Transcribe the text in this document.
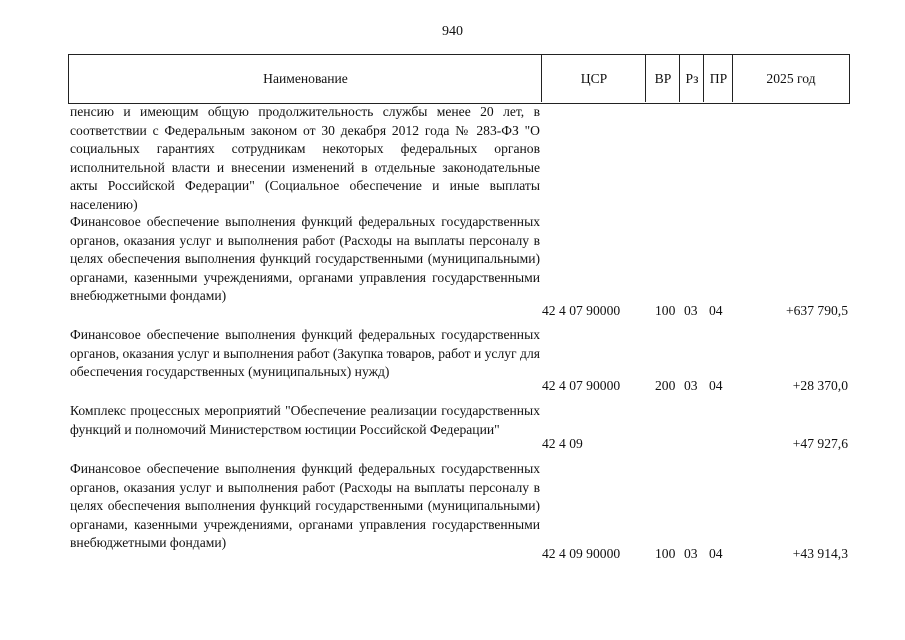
940
Наименование	ЦСР	ВР	Рз ПР	2025 год
пенсию и имеющим общую продолжительность службы менее 20 лет, в соответствии с Федеральным законом от 30 декабря 2012 года № 283-ФЗ "О социальных гарантиях сотрудникам некоторых федеральных органов исполнительной власти и внесении изменений в отдельные законодательные акты Российской Федерации" (Социальное обеспечение и иные выплаты населению)
Финансовое обеспечение выполнения функций федеральных государственных органов, оказания услуг и выполнения работ (Расходы на выплаты персоналу в целях обеспечения выполнения функций государственными (муниципальными) органами, казенными учреждениями, органами управления государственными внебюджетными фондами)
42 4 07 90000	100 03 04	+637 790,5
Финансовое обеспечение выполнения функций федеральных государственных органов, оказания услуг и выполнения работ (Закупка товаров, работ и услуг для обеспечения государственных (муниципальных) нужд)
42 4 07 90000	200 03 04	+28 370,0
Комплекс процессных мероприятий "Обеспечение реализации государственных функций и полномочий Министерством юстиции Российской Федерации"
42 4 09	+47 927,6
Финансовое обеспечение выполнения функций федеральных государственных органов, оказания услуг и выполнения работ (Расходы на выплаты персоналу в целях обеспечения выполнения функций государственными (муниципальными) органами, казенными учреждениями, органами управления государственными внебюджетными фондами)
42 4 09 90000	100 03 04	+43 914,3
